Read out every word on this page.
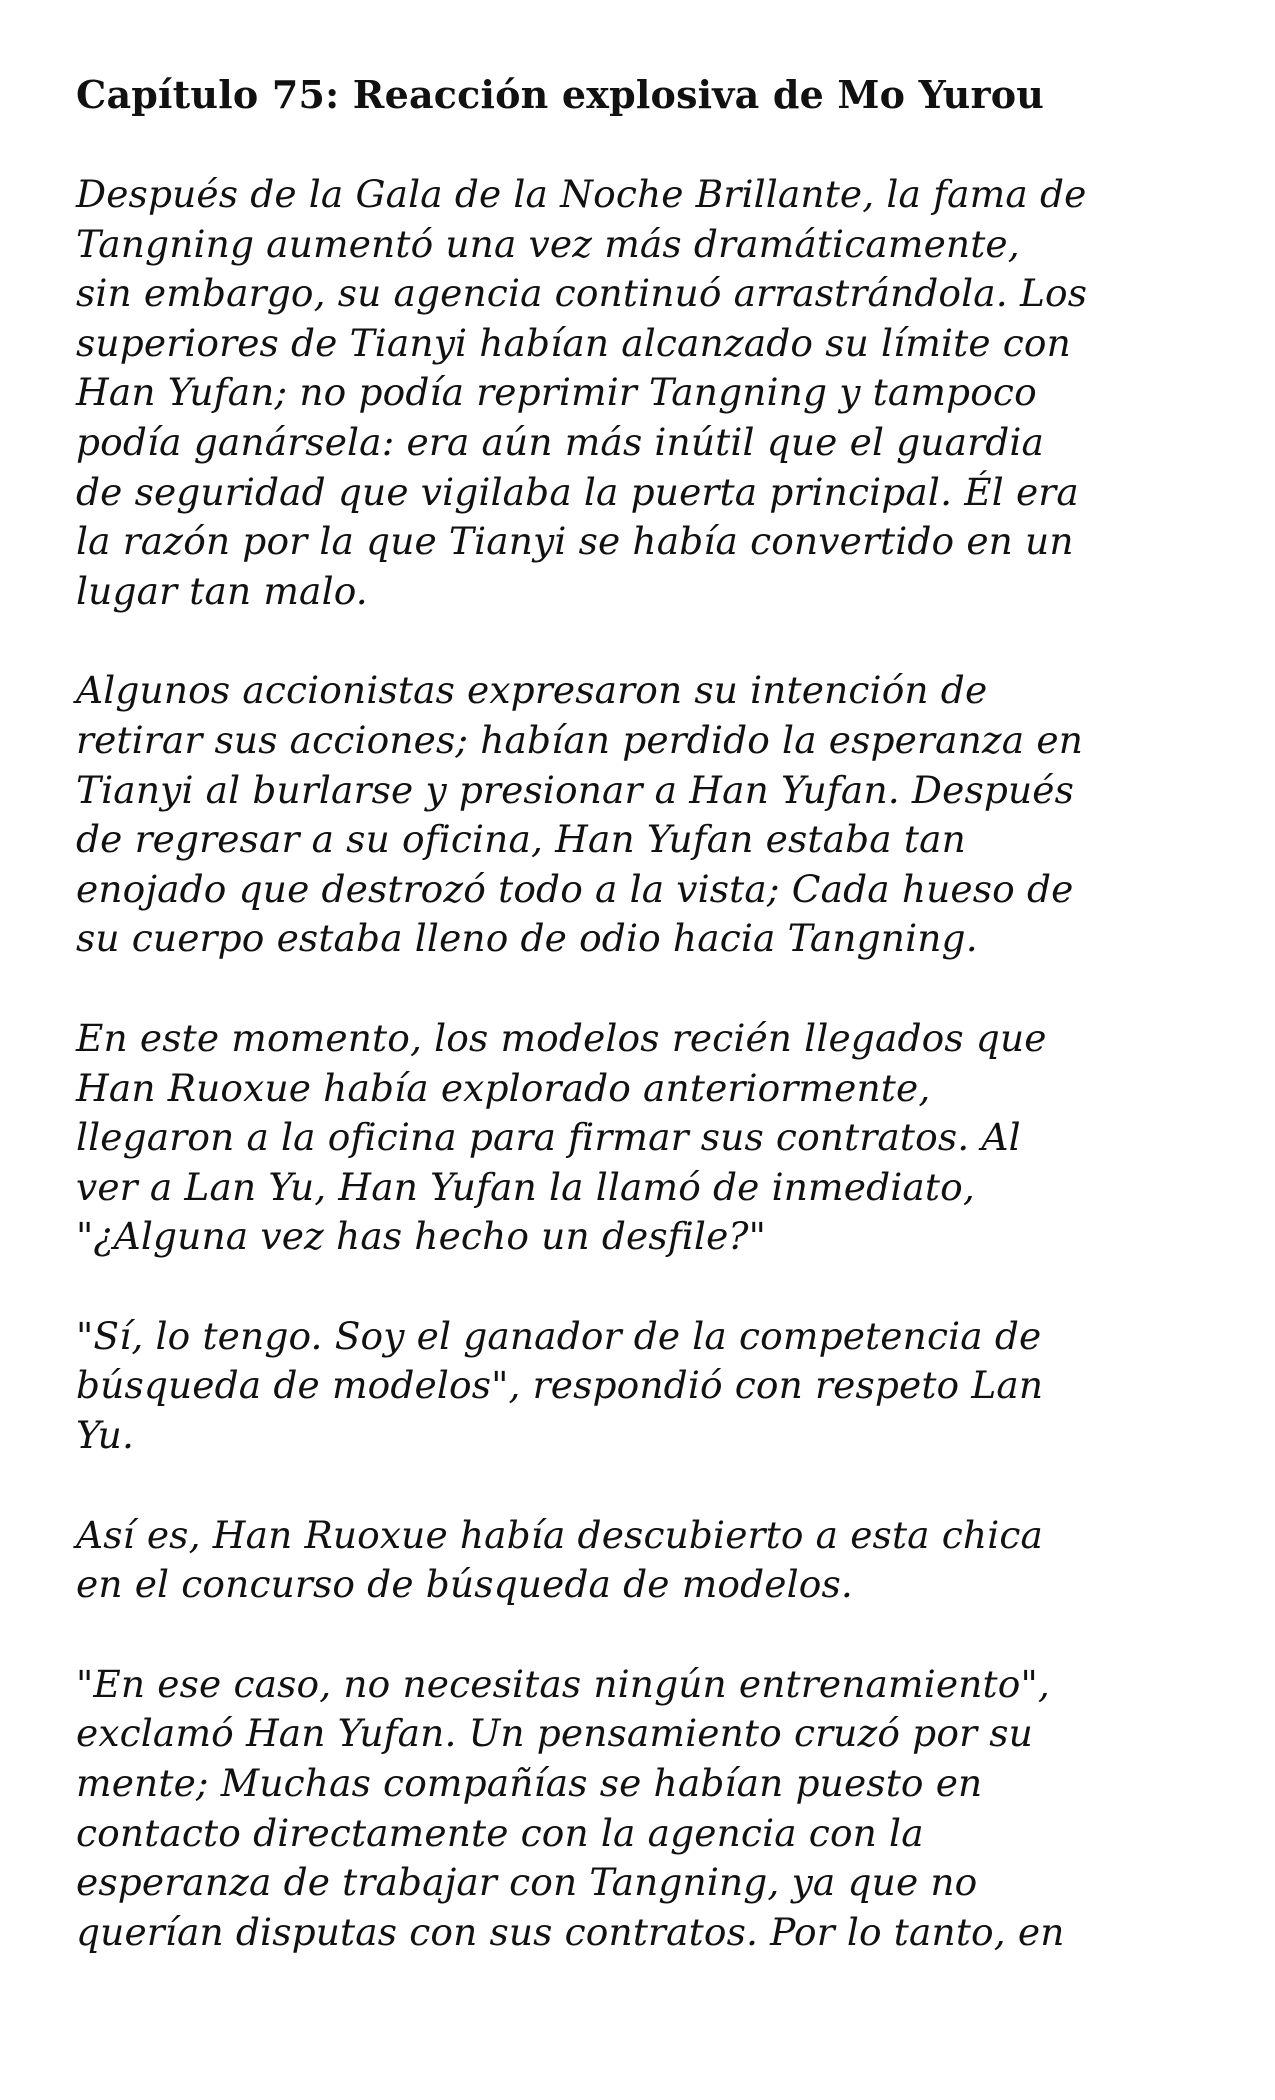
Capítulo 75: Reacción explosiva de Mo Yurou

Después de la Gala de la Noche Brillante, la fama de
Tangning aumentó una vez más dramáticamente,
sin embargo, su agencia continuó arrastrándola. Los
superiores de Tianyi habían alcanzado su límite con
Han Yufan; no podía reprimir Tangning y tampoco
podía ganársela: era aún más inútil que el guardia
de seguridad que vigilaba la puerta principal. Él era
la razón por la que Tianyi se había convertido en un
lugar tan malo.

Algunos accionistas expresaron su intención de
retirar sus acciones; habían perdido la esperanza en
Tianyi al burlarse y presionar a Han Yufan. Después
de regresar a su oficina, Han Yufan estaba tan
enojado que destrozó todo a la vista; Cada hueso de
su cuerpo estaba lleno de odio hacia Tangning.

En este momento, los modelos recién llegados que
Han Ruoxue había explorado anteriormente,
llegaron a la oficina para firmar sus contratos. Al
ver a Lan Yu, Han Yufan la llamó de inmediato,
"¿Alguna vez has hecho un desfile?"

"Sí, lo tengo. Soy el ganador de la competencia de
búsqueda de modelos", respondió con respeto Lan
Yu.

Así es, Han Ruoxue había descubierto a esta chica
en el concurso de búsqueda de modelos.

"En ese caso, no necesitas ningún entrenamiento",
exclamó Han Yufan. Un pensamiento cruzó por su
mente; Muchas compañías se habían puesto en
contacto directamente con la agencia con la
esperanza de trabajar con Tangning, ya que no
querían disputas con sus contratos. Por lo tanto, en
